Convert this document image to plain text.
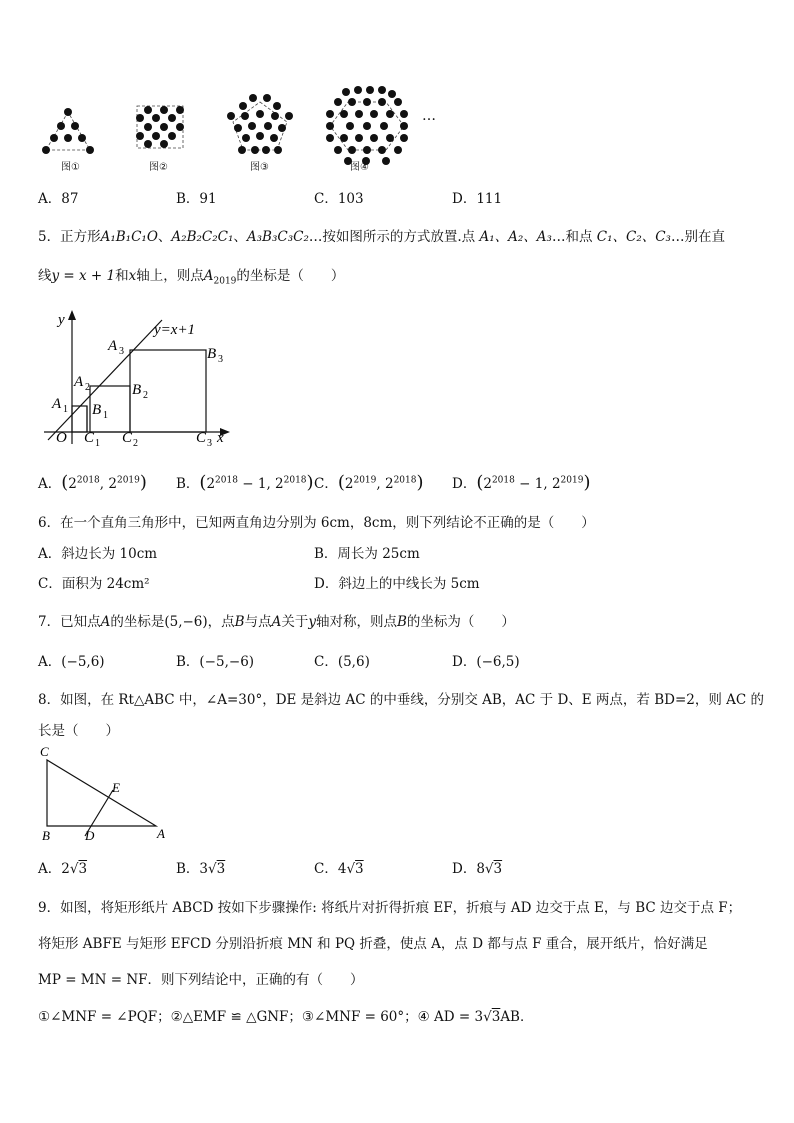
…
图①	图②	图③	图④
A．87	B．91	C．103	D．111
5．正方形A₁B₁C₁O、A₂B₂C₂C₁、A₃B₃C₃C₂…按如图所示的方式放置.点 A₁、A₂、A₃…和点 C₁、C₂、C₃…别在直
线y = x + 1和x轴上，则点$A_{2019}$的坐标是（　　）
y
x
y=x+1
O
A 1
A 2
A 3
B 1
B 2
B 3
C 1 C 2	C 3
A．($2^{2018}$, $2^{2019}$) B．($2^{2018} - 1$, $2^{2018}$) C．($2^{2019}$, $2^{2018}$) D．($2^{2018} - 1$, $2^{2019}$)
6．在一个直角三角形中，已知两直角边分别为 6cm，8cm，则下列结论不正确的是（　　）
A．斜边长为 10cm	B．周长为 25cm
C．面积为 24cm²	D．斜边上的中线长为 5cm
7．已知点A的坐标是(5,−6)，点B与点A关于y轴对称，则点B的坐标为（　　）
A．(−5,6)	B．(−5,−6)	C．(5,6)	D．(−6,5)
8．如图，在 Rt△ABC 中，∠A=30°，DE 是斜边 AC 的中垂线，分别交 AB，AC 于 D、E 两点，若 BD=2，则 AC 的
长是（　　）
C
E
B	D	A
A．2√3	B．3√3	C．4√3	D．8√3
9．如图，将矩形纸片 ABCD 按如下步骤操作: 将纸片对折得折痕 EF，折痕与 AD 边交于点 E，与 BC 边交于点 F；
将矩形 ABFE 与矩形 EFCD 分别沿折痕 MN 和 PQ 折叠，使点 A，点 D 都与点 F 重合，展开纸片，恰好满足
MP = MN = NF．则下列结论中，正确的有（　　）
①∠MNF = ∠PQF；②△EMF ≌ △GNF；③∠MNF = 60°；④ AD = 3√3AB．
